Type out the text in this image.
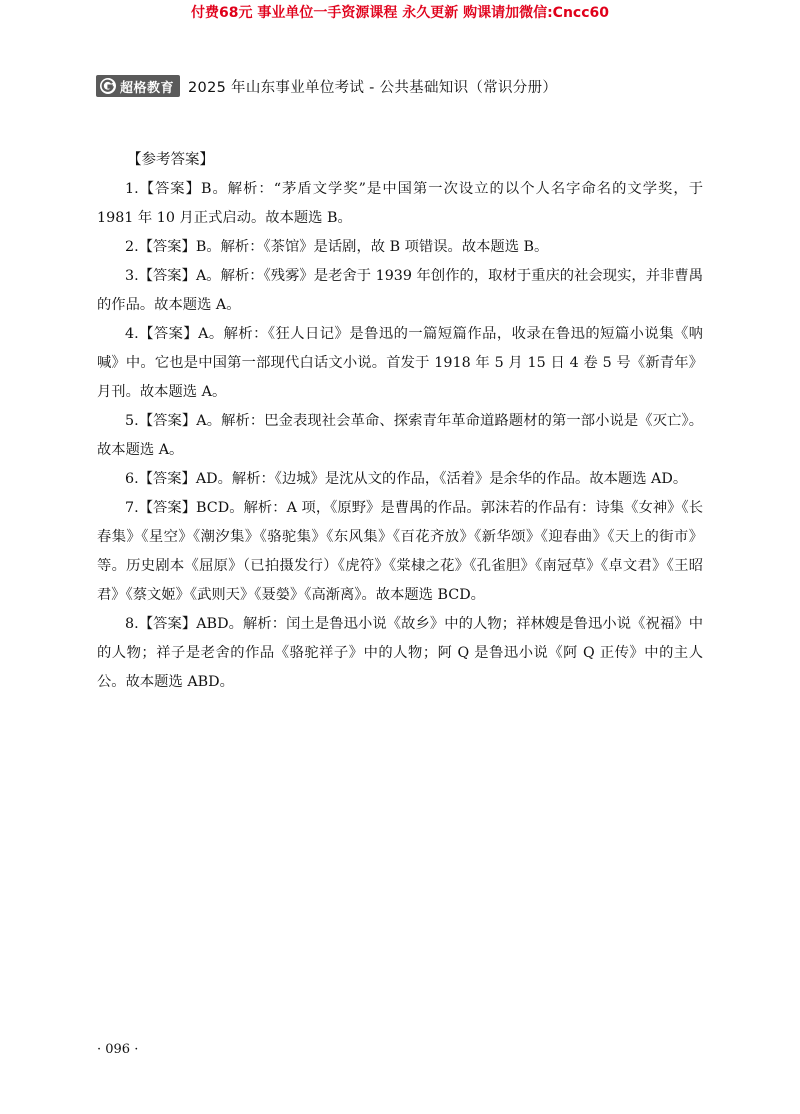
付费68元 事业单位一手资源课程 永久更新 购课请加微信:Cncc60
超格教育 2025 年山东事业单位考试 - 公共基础知识（常识分册）

【参考答案】

1.【答案】B。解析：“茅盾文学奖”是中国第一次设立的以个人名字命名的文学奖，于 1981 年 10 月正式启动。故本题选 B。

2.【答案】B。解析：《茶馆》是话剧，故 B 项错误。故本题选 B。

3.【答案】A。解析：《残雾》是老舍于 1939 年创作的，取材于重庆的社会现实，并非曹禺的作品。故本题选 A。

4.【答案】A。解析：《狂人日记》是鲁迅的一篇短篇作品，收录在鲁迅的短篇小说集《呐喊》中。它也是中国第一部现代白话文小说。首发于 1918 年 5 月 15 日 4 卷 5 号《新青年》月刊。故本题选 A。

5.【答案】A。解析：巴金表现社会革命、探索青年革命道路题材的第一部小说是《灭亡》。故本题选 A。

6.【答案】AD。解析：《边城》是沈从文的作品，《活着》是余华的作品。故本题选 AD。

7.【答案】BCD。解析：A 项，《原野》是曹禺的作品。郭沫若的作品有：诗集《女神》《长春集》《星空》《潮汐集》《骆驼集》《东风集》《百花齐放》《新华颂》《迎春曲》《天上的街市》等。历史剧本《屈原》（已拍摄发行）《虎符》《棠棣之花》《孔雀胆》《南冠草》《卓文君》《王昭君》《蔡文姬》《武则天》《聂嫈》《高渐离》。故本题选 BCD。

8.【答案】ABD。解析：闰土是鲁迅小说《故乡》中的人物；祥林嫂是鲁迅小说《祝福》中的人物；祥子是老舍的作品《骆驼祥子》中的人物；阿 Q 是鲁迅小说《阿 Q 正传》中的主人公。故本题选 ABD。

· 096 ·
